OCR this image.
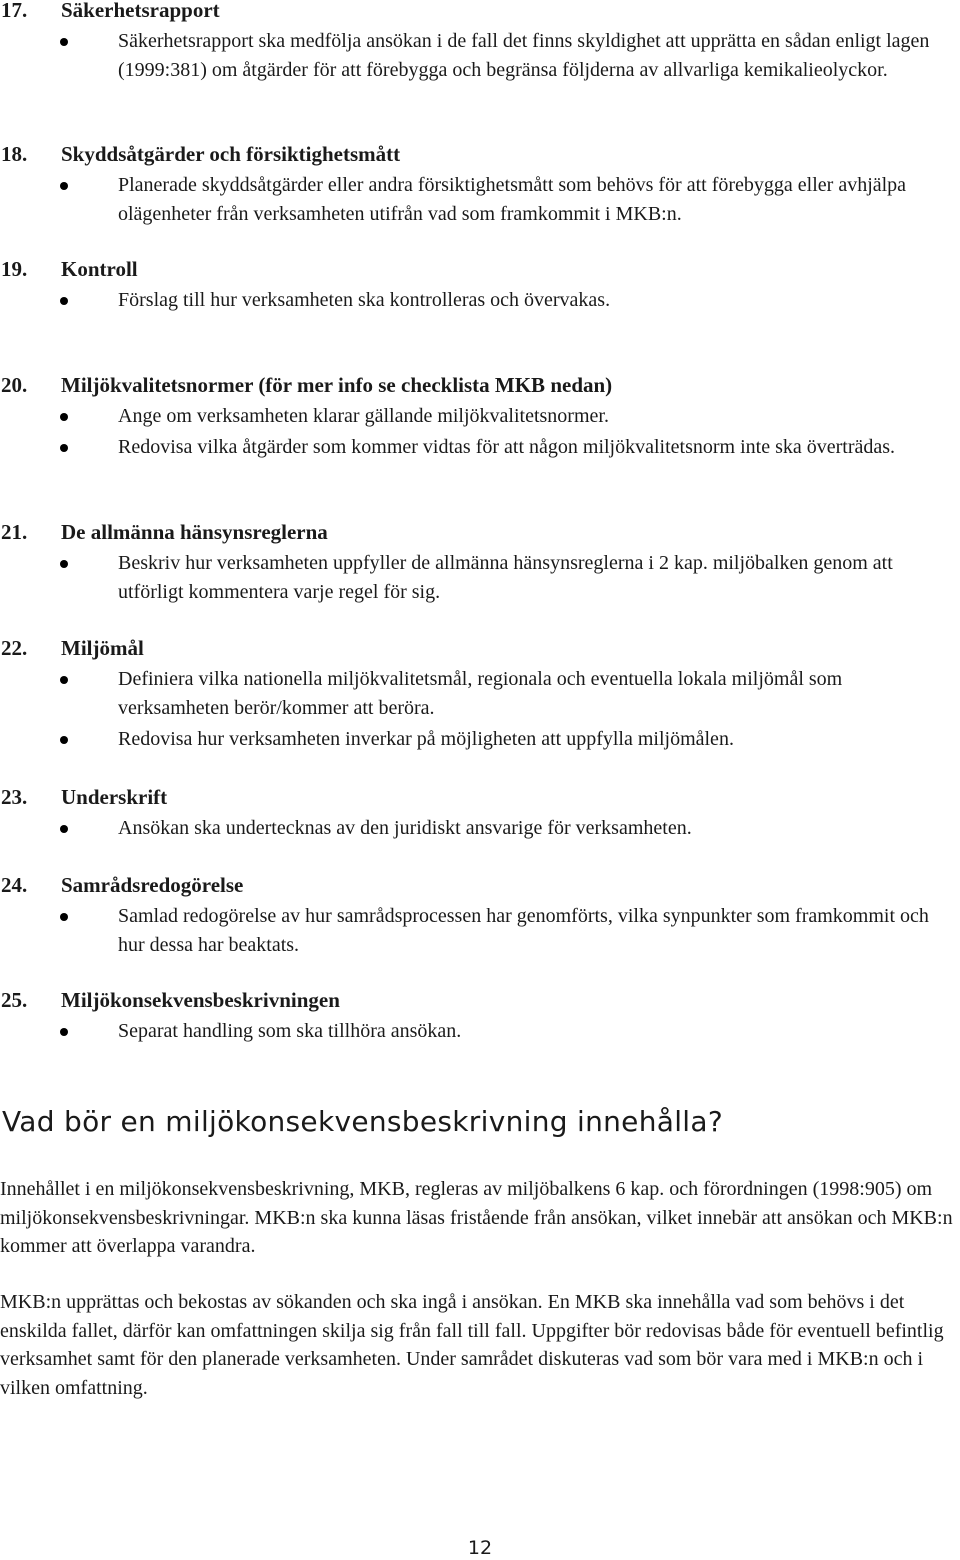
17. Säkerhetsrapport
Säkerhetsrapport ska medfölja ansökan i de fall det finns skyldighet att upprätta en sådan enligt lagen (1999:381) om åtgärder för att förebygga och begränsa följderna av allvarliga kemikalieolyckor.
18. Skyddsåtgärder och försiktighetsmått
Planerade skyddsåtgärder eller andra försiktighetsmått som behövs för att förebygga eller avhjälpa olägenheter från verksamheten utifrån vad som framkommit i MKB:n.
19. Kontroll
Förslag till hur verksamheten ska kontrolleras och övervakas.
20. Miljökvalitetsnormer (för mer info se checklista MKB nedan)
Ange om verksamheten klarar gällande miljökvalitetsnormer.
Redovisa vilka åtgärder som kommer vidtas för att någon miljökvalitetsnorm inte ska överträdas.
21. De allmänna hänsynsreglerna
Beskriv hur verksamheten uppfyller de allmänna hänsynsreglerna i 2 kap. miljöbalken genom att utförligt kommentera varje regel för sig.
22. Miljömål
Definiera vilka nationella miljökvalitetsmål, regionala och eventuella lokala miljömål som verksamheten berör/kommer att beröra.
Redovisa hur verksamheten inverkar på möjligheten att uppfylla miljömålen.
23. Underskrift
Ansökan ska undertecknas av den juridiskt ansvarige för verksamheten.
24. Samrådsredogörelse
Samlad redogörelse av hur samrådsprocessen har genomförts, vilka synpunkter som framkommit och hur dessa har beaktats.
25. Miljökonsekvensbeskrivningen
Separat handling som ska tillhöra ansökan.
Vad bör en miljökonsekvensbeskrivning innehålla?

Innehållet i en miljökonsekvensbeskrivning, MKB, regleras av miljöbalkens 6 kap. och förordningen (1998:905) om miljökonsekvensbeskrivningar. MKB:n ska kunna läsas fristående från ansökan, vilket innebär att ansökan och MKB:n kommer att överlappa varandra.

MKB:n upprättas och bekostas av sökanden och ska ingå i ansökan. En MKB ska innehålla vad som behövs i det enskilda fallet, därför kan omfattningen skilja sig från fall till fall. Uppgifter bör redovisas både för eventuell befintlig verksamhet samt för den planerade verksamheten. Under samrådet diskuteras vad som bör vara med i MKB:n och i vilken omfattning.

12
